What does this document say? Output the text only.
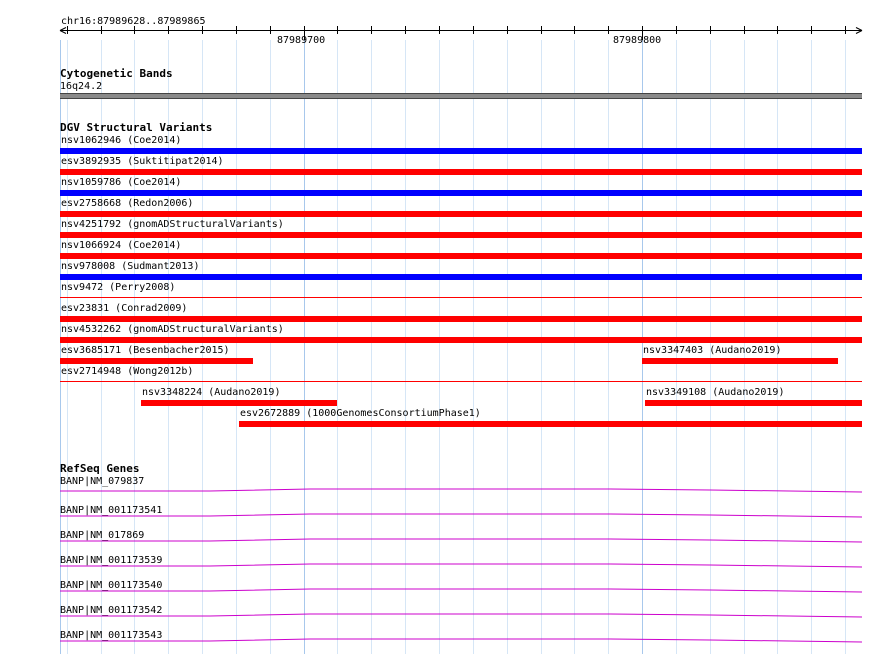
chr16:87989628..87989865
87989700	87989800
Cytogenetic Bands
16q24.2
DGV Structural Variants
nsv1062946 (Coe2014)
esv3892935 (Suktitipat2014)
nsv1059786 (Coe2014)
esv2758668 (Redon2006)
nsv4251792 (gnomADStructuralVariants)
nsv1066924 (Coe2014)
nsv978008 (Sudmant2013)
nsv9472 (Perry2008)
esv23831 (Conrad2009)
nsv4532262 (gnomADStructuralVariants)
esv3685171 (Besenbacher2015)	nsv3347403 (Audano2019)
esv2714948 (Wong2012b)
nsv3348224 (Audano2019)	nsv3349108 (Audano2019)
esv2672889 (1000GenomesConsortiumPhase1)
RefSeq Genes
BANP|NM_079837
BANP|NM_001173541
BANP|NM_017869
BANP|NM_001173539
BANP|NM_001173540
BANP|NM_001173542
BANP|NM_001173543
